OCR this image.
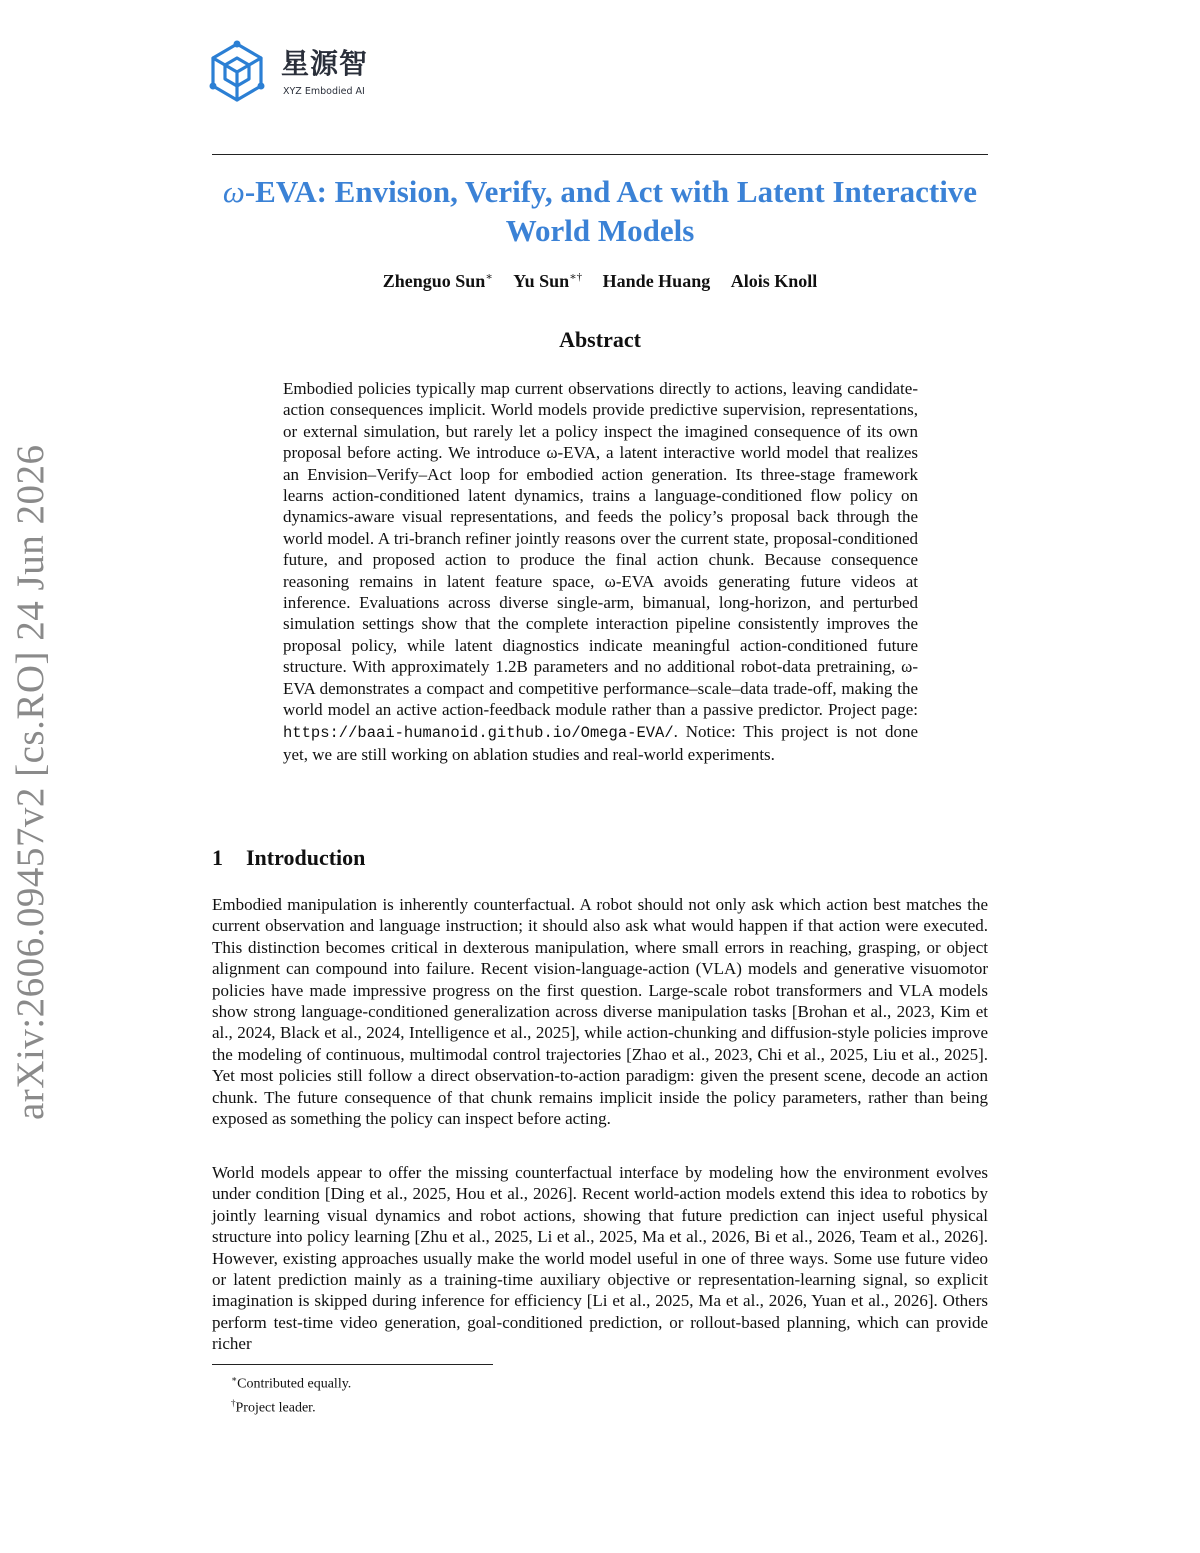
arXiv:2606.09457v2 [cs.RO] 24 Jun 2026
星源智
XYZ Embodied AI
ω-EVA: Envision, Verify, and Act with Latent Interactive World Models
Zhenguo Sun∗ Yu Sun∗† Hande Huang Alois Knoll
Abstract

Embodied policies typically map current observations directly to actions, leaving candidate-action consequences implicit. World models provide predictive supervision, representations, or external simulation, but rarely let a policy inspect the imagined consequence of its own proposal before acting. We introduce ω-EVA, a latent interactive world model that realizes an Envision–Verify–Act loop for embodied action generation. Its three-stage framework learns action-conditioned latent dynamics, trains a language-conditioned flow policy on dynamics-aware visual representations, and feeds the policy’s proposal back through the world model. A tri-branch refiner jointly reasons over the current state, proposal-conditioned future, and proposed action to produce the final action chunk. Because consequence reasoning remains in latent feature space, ω-EVA avoids generating future videos at inference. Evaluations across diverse single-arm, bimanual, long-horizon, and perturbed simulation settings show that the complete interaction pipeline consistently improves the proposal policy, while latent diagnostics indicate meaningful action-conditioned future structure. With approximately 1.2B parameters and no additional robot-data pretraining, ω-EVA demonstrates a compact and competitive performance–scale–data trade-off, making the world model an active action-feedback module rather than a passive predictor. Project page: https://baai-humanoid.github.io/Omega-EVA/. Notice: This project is not done yet, we are still working on ablation studies and real-world experiments.

1 Introduction

Embodied manipulation is inherently counterfactual. A robot should not only ask which action best matches the current observation and language instruction; it should also ask what would happen if that action were executed. This distinction becomes critical in dexterous manipulation, where small errors in reaching, grasping, or object alignment can compound into failure. Recent vision-language-action (VLA) models and generative visuomotor policies have made impressive progress on the first question. Large-scale robot transformers and VLA models show strong language-conditioned generalization across diverse manipulation tasks [Brohan et al., 2023, Kim et al., 2024, Black et al., 2024, Intelligence et al., 2025], while action-chunking and diffusion-style policies improve the modeling of continuous, multimodal control trajectories [Zhao et al., 2023, Chi et al., 2025, Liu et al., 2025]. Yet most policies still follow a direct observation-to-action paradigm: given the present scene, decode an action chunk. The future consequence of that chunk remains implicit inside the policy parameters, rather than being exposed as something the policy can inspect before acting.

World models appear to offer the missing counterfactual interface by modeling how the environment evolves under condition [Ding et al., 2025, Hou et al., 2026]. Recent world-action models extend this idea to robotics by jointly learning visual dynamics and robot actions, showing that future prediction can inject useful physical structure into policy learning [Zhu et al., 2025, Li et al., 2025, Ma et al., 2026, Bi et al., 2026, Team et al., 2026]. However, existing approaches usually make the world model useful in one of three ways. Some use future video or latent prediction mainly as a training-time auxiliary objective or representation-learning signal, so explicit imagination is skipped during inference for efficiency [Li et al., 2025, Ma et al., 2026, Yuan et al., 2026]. Others perform test-time video generation, goal-conditioned prediction, or rollout-based planning, which can provide richer

∗Contributed equally.
†Project leader.
